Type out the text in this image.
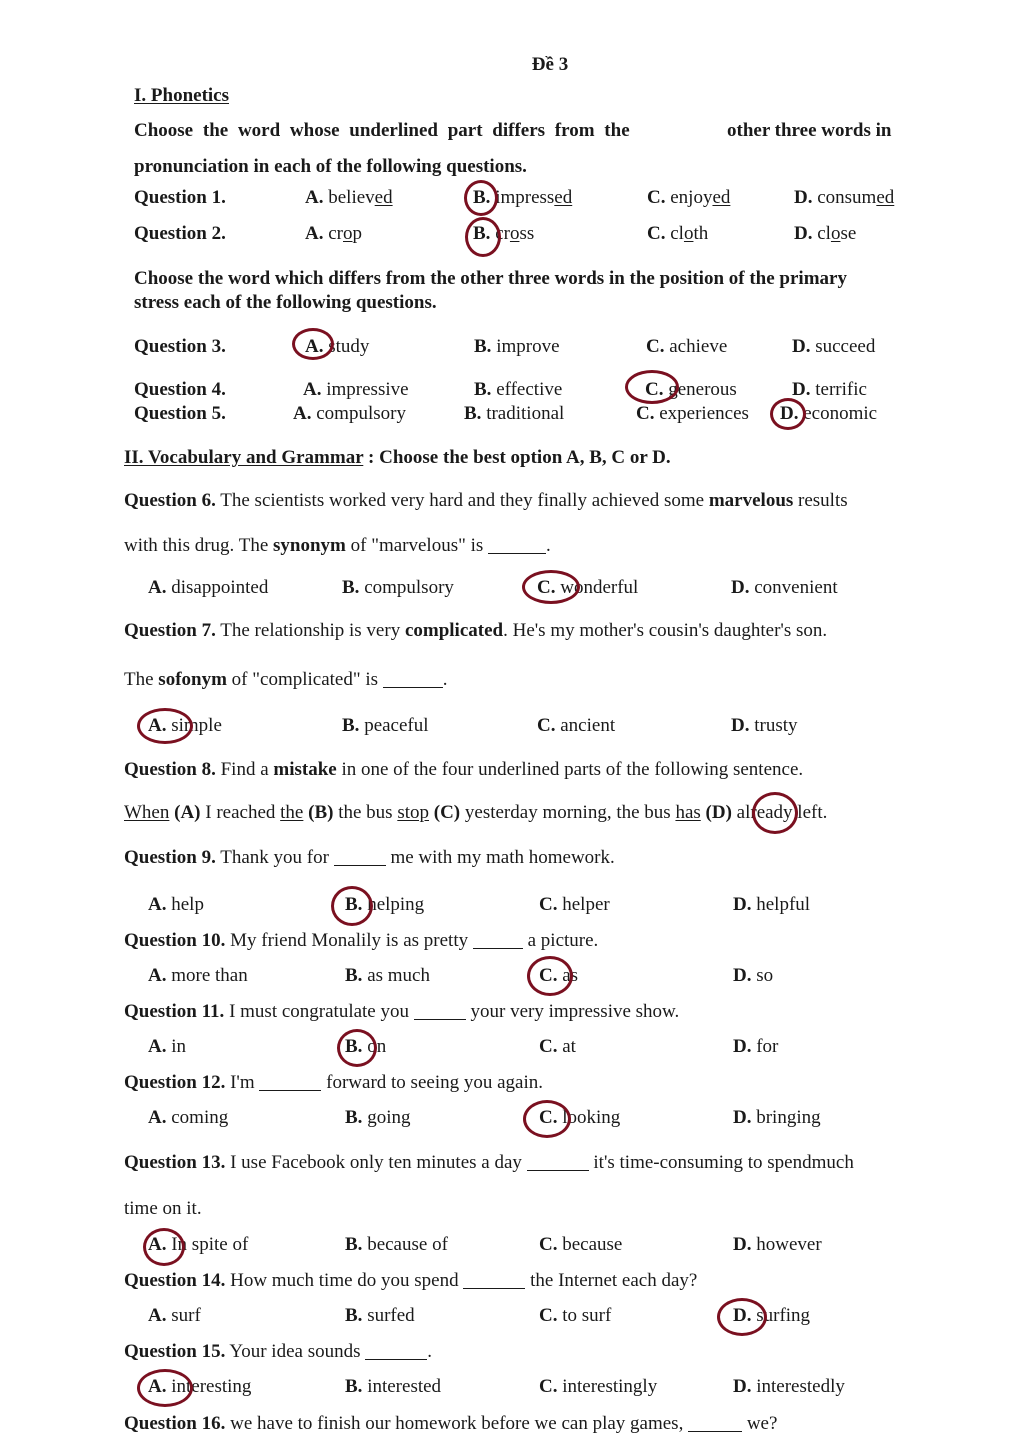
Đề 3
I. Phonetics
Choose the word whose underlined part differs from the	other three words in
pronunciation in each of the following questions.
Question 1.	A. believed	B. impressed	C. enjoyed	D. consumed
Question 2.	A. crop	B. cross	C. cloth	D. close
Choose the word which differs from the other three words in the position of the primary
stress each of the following questions.
Question 3.	A. study	B. improve	C. achieve	D. succeed
Question 4.	A. impressive	B. effective	C. generous	D. terrific
Question 5.	A. compulsory	B. traditional	C. experiences D. economic
II. Vocabulary and Grammar : Choose the best option A, B, C or D.
Question 6. The scientists worked very hard and they finally achieved some marvelous results
with this drug. The synonym of "marvelous" is	.
A. disappointed	B. compulsory	C. wonderful	D. convenient
Question 7. The relationship is very complicated. He's my mother's cousin's daughter's son.
The sofonym of "complicated" is	.
A. simple	B. peaceful	C. ancient	D. trusty
Question 8. Find a mistake in one of the four underlined parts of the following sentence.
When (A) I reached the (B) the bus stop (C) yesterday morning, the bus has (D) already left.
Question 9. Thank you for	me with my math homework.
A. help	B. helping	C. helper	D. helpful
Question 10. My friend Monalily is as pretty	a picture.
A. more than	B. as much	C. as	D. so
Question 11. I must congratulate you	your very impressive show.
A. in	B. on	C. at	D. for
Question 12. I'm	forward to seeing you again.
A. coming	B. going	C. looking	D. bringing
Question 13. I use Facebook only ten minutes a day	it's time-consuming to spendmuch
time on it.
A. In spite of	B. because of	C. because	D. however
Question 14. How much time do you spend	the Internet each day?
A. surf	B. surfed	C. to surf	D. surfing
Question 15. Your idea sounds	.
A. interesting	B. interested	C. interestingly	D. interestedly
Question 16. we have to finish our homework before we can play games,	we?
